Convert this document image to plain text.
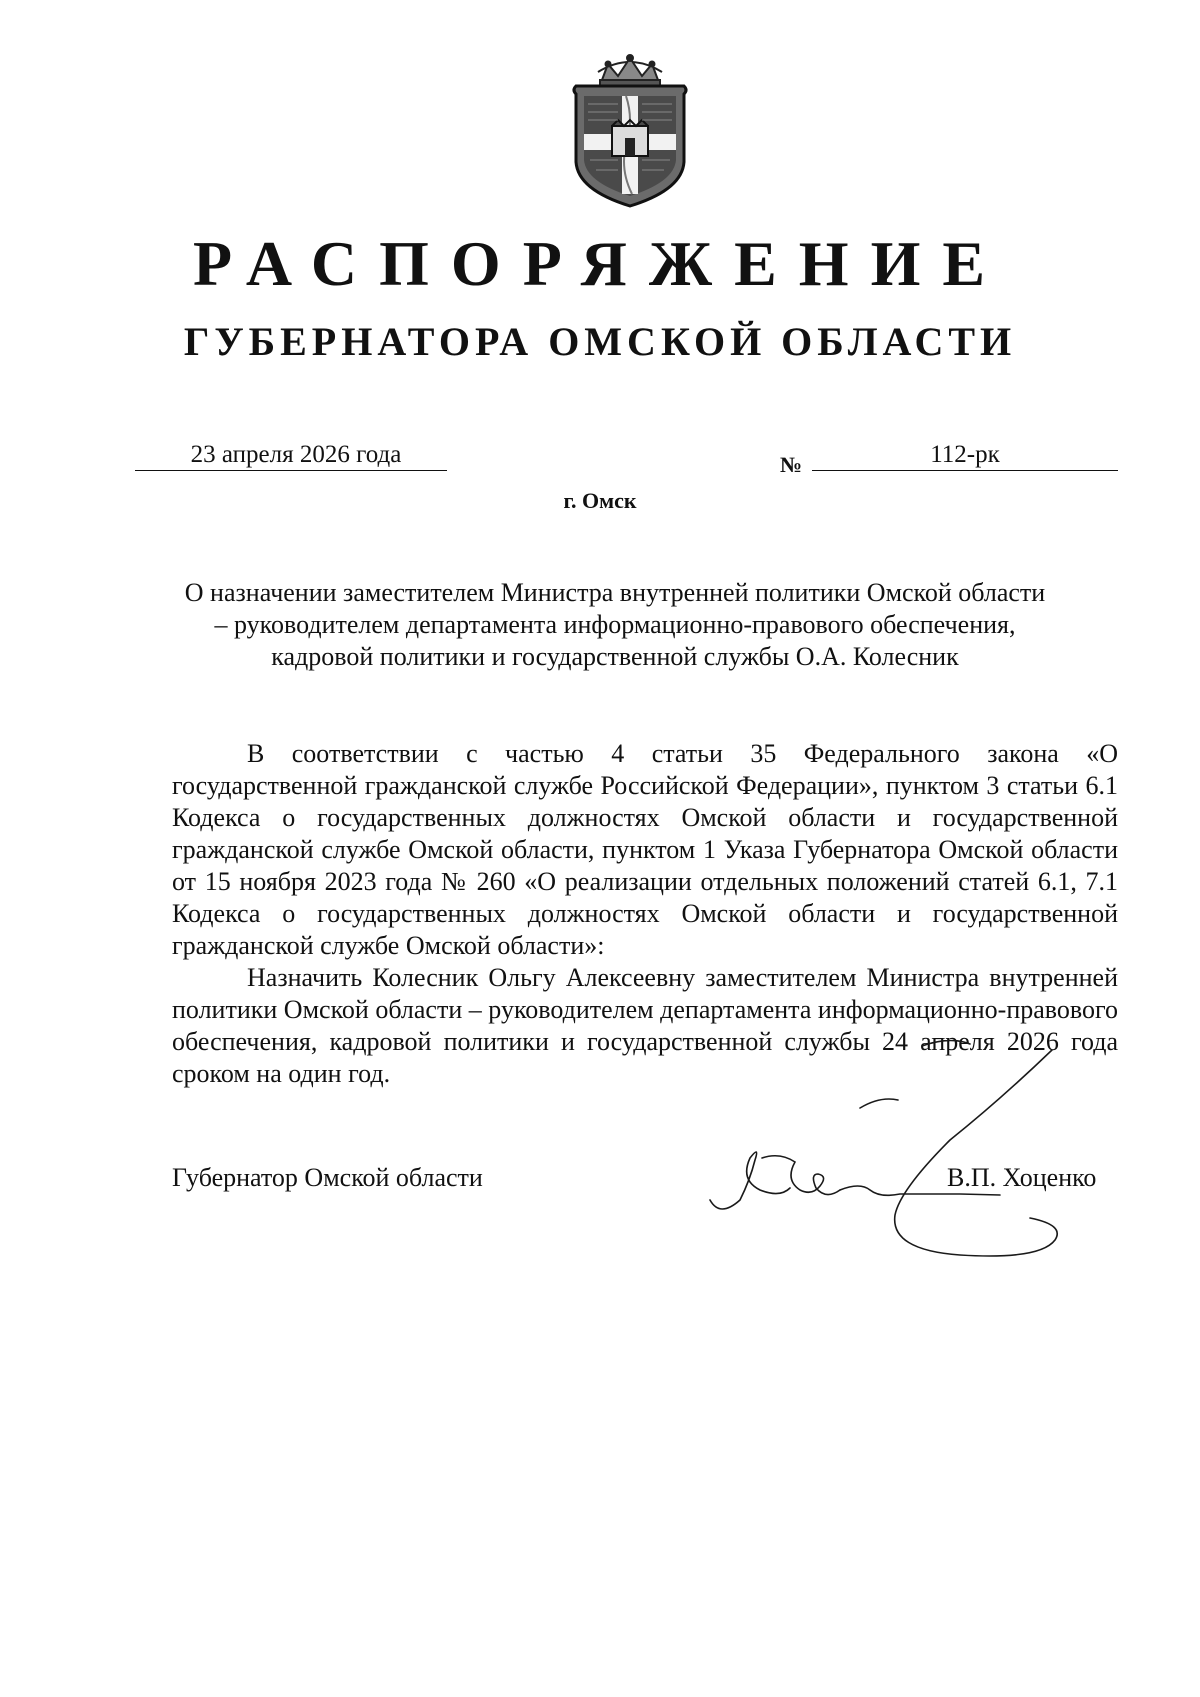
РАСПОРЯЖЕНИЕ
ГУБЕРНАТОРА ОМСКОЙ ОБЛАСТИ
23 апреля 2026 года	№	112-рк
г. Омск
О назначении заместителем Министра внутренней политики Омской области – руководителем департамента информационно-правового обеспечения, кадровой политики и государственной службы О.А. Колесник

В соответствии с частью 4 статьи 35 Федерального закона «О государственной гражданской службе Российской Федерации», пунктом 3 статьи 6.1 Кодекса о государственных должностях Омской области и государственной гражданской службе Омской области, пунктом 1 Указа Губернатора Омской области от 15 ноября 2023 года № 260 «О реализации отдельных положений статей 6.1, 7.1 Кодекса о государственных должностях Омской области и государственной гражданской службе Омской области»:

Назначить Колесник Ольгу Алексеевну заместителем Министра внутренней политики Омской области – руководителем департамента информационно-правового обеспечения, кадровой политики и государственной службы 24 апреля 2026 года сроком на один год.

Губернатор Омской области	В.П. Хоценко
